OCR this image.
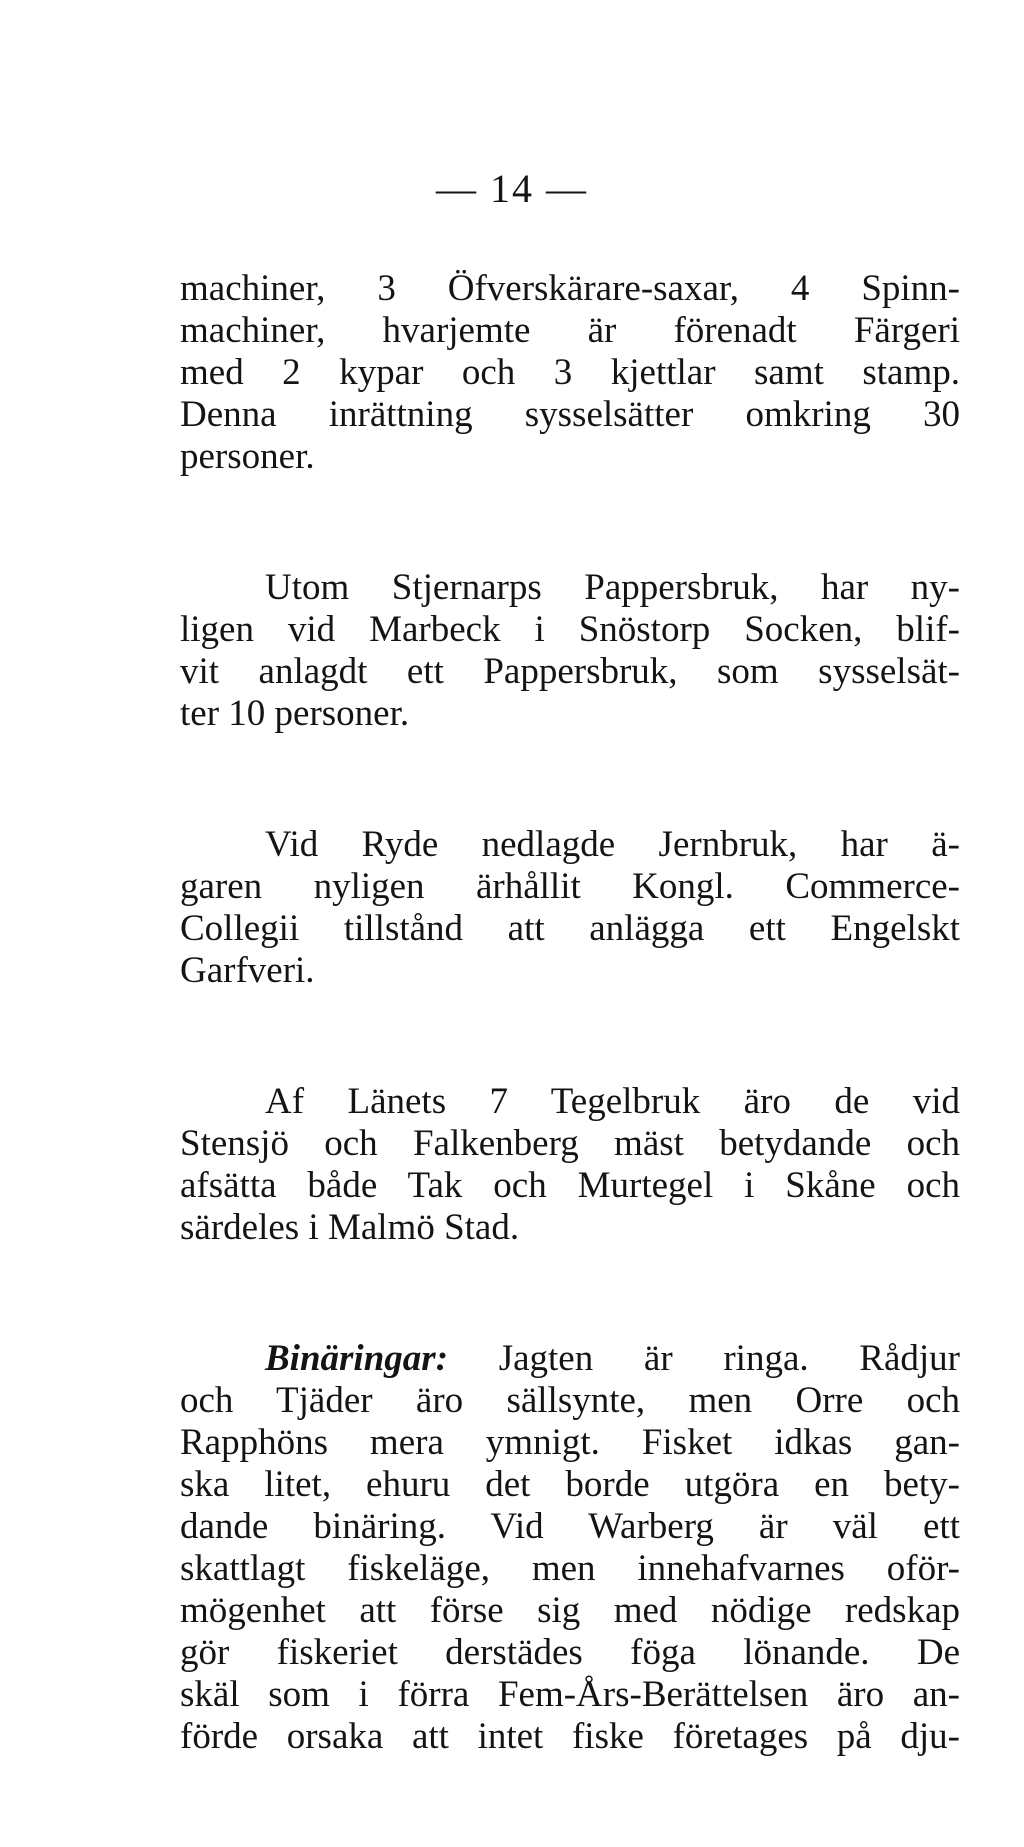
— 14 —
machiner, 3 Öfverskärare-saxar, 4 Spinn-
machiner, hvarjemte är förenadt Färgeri
med 2 kypar och 3 kjettlar samt stamp.
Denna inrättning sysselsätter omkring 30
personer.
Utom Stjernarps Pappersbruk, har ny-
ligen vid Marbeck i Snöstorp Socken, blif-
vit anlagdt ett Pappersbruk, som sysselsät-
ter 10 personer.
Vid Ryde nedlagde Jernbruk, har ä-
garen nyligen ärhållit Kongl. Commerce-
Collegii tillstånd att anlägga ett Engelskt
Garfveri.
Af Länets 7 Tegelbruk äro de vid
Stensjö och Falkenberg mäst betydande och
afsätta både Tak och Murtegel i Skåne och
särdeles i Malmö Stad.
Binäringar: Jagten är ringa. Rådjur
och Tjäder äro sällsynte, men Orre och
Rapphöns mera ymnigt. Fisket idkas gan-
ska litet, ehuru det borde utgöra en bety-
dande binäring. Vid Warberg är väl ett
skattlagt fiskeläge, men innehafvarnes oför-
mögenhet att förse sig med nödige redskap
gör fiskeriet derstädes föga lönande. De
skäl som i förra Fem-Års-Berättelsen äro an-
förde orsaka att intet fiske företages på dju-
